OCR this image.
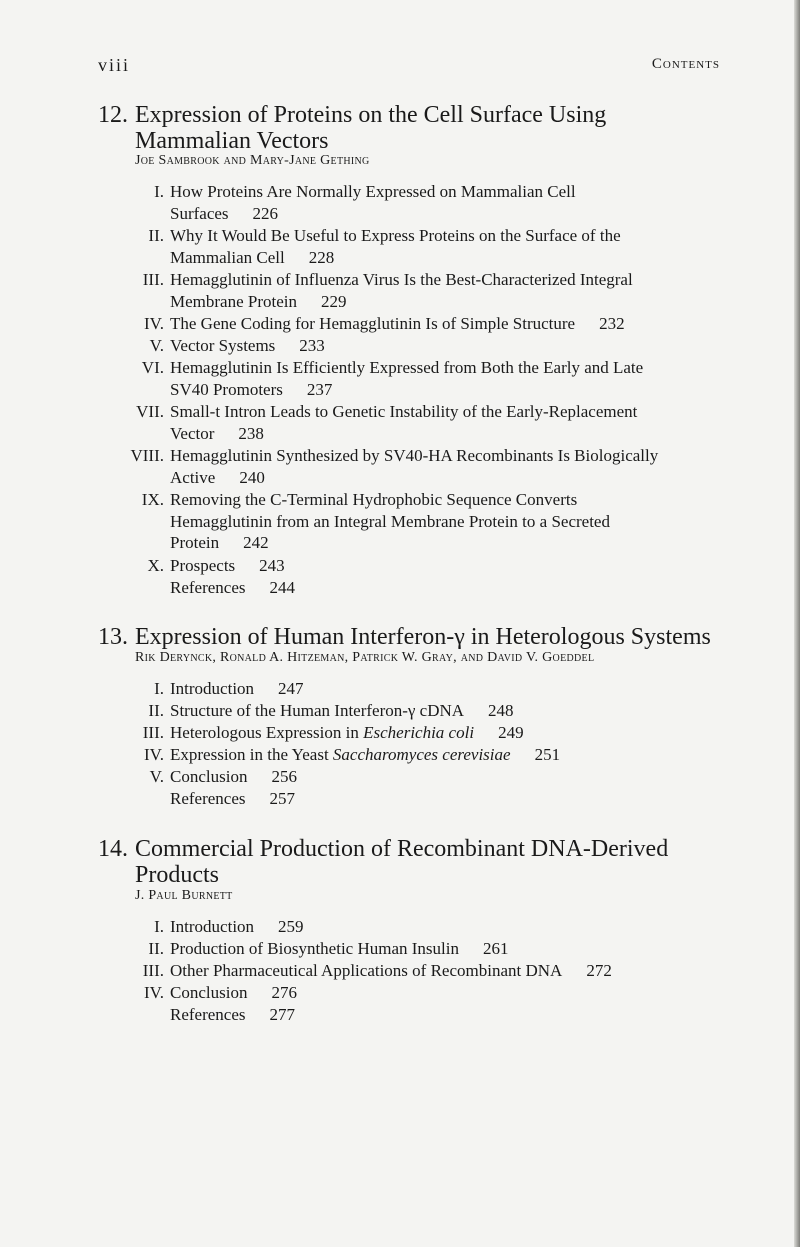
viii	Contents
12. Expression of Proteins on the Cell Surface Using Mammalian Vectors
Joe Sambrook and Mary-Jane Gething
I. How Proteins Are Normally Expressed on Mammalian Cell
Surfaces 226
II. Why It Would Be Useful to Express Proteins on the Surface of the
Mammalian Cell 228
III. Hemagglutinin of Influenza Virus Is the Best-Characterized Integral
Membrane Protein 229
IV. The Gene Coding for Hemagglutinin Is of Simple Structure 232
V. Vector Systems 233
VI. Hemagglutinin Is Efficiently Expressed from Both the Early and Late
SV40 Promoters 237
VII. Small-t Intron Leads to Genetic Instability of the Early-Replacement
Vector 238
VIII. Hemagglutinin Synthesized by SV40-HA Recombinants Is Biologically
Active 240
IX. Removing the C-Terminal Hydrophobic Sequence Converts
Hemagglutinin from an Integral Membrane Protein to a Secreted
Protein 242
X. Prospects 243
References 244
13. Expression of Human Interferon-γ in Heterologous Systems
Rik Derynck, Ronald A. Hitzeman, Patrick W. Gray, and David V. Goeddel
I. Introduction 247
II. Structure of the Human Interferon-γ cDNA 248
III. Heterologous Expression in Escherichia coli 249
IV. Expression in the Yeast Saccharomyces cerevisiae 251
V. Conclusion 256
References 257
14. Commercial Production of Recombinant DNA-Derived Products
J. Paul Burnett
I. Introduction 259
II. Production of Biosynthetic Human Insulin 261
III. Other Pharmaceutical Applications of Recombinant DNA 272
IV. Conclusion 276
References 277
